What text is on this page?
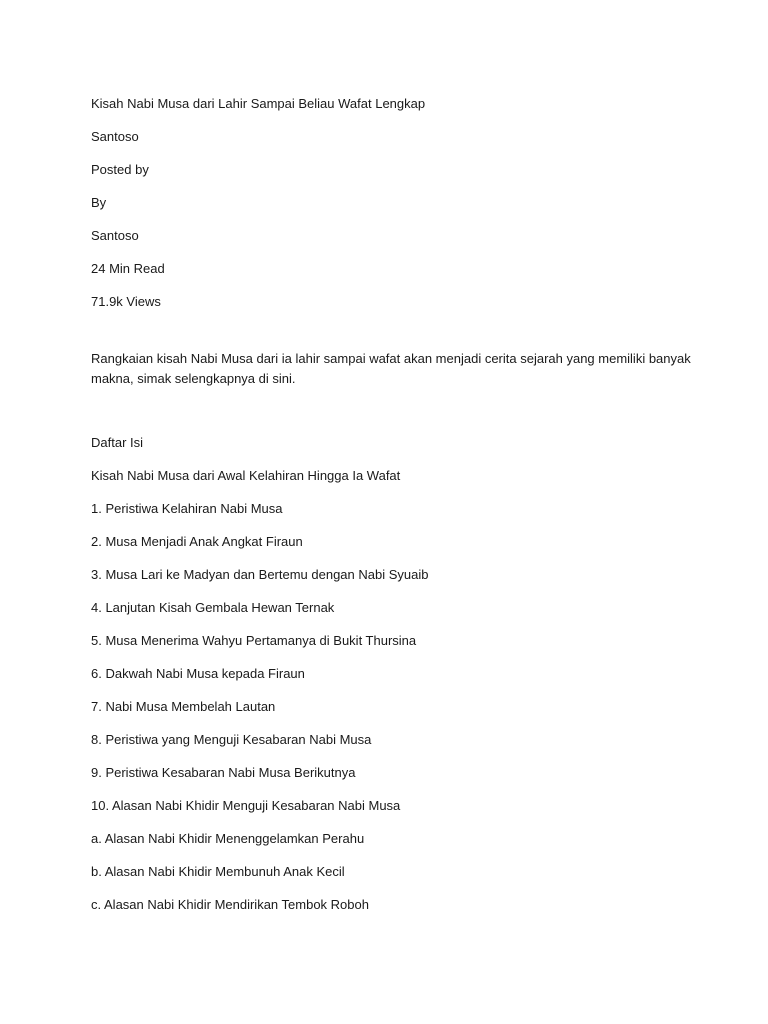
Kisah Nabi Musa dari Lahir Sampai Beliau Wafat Lengkap
Santoso
Posted by
By
Santoso
24 Min Read
71.9k Views

Rangkaian kisah Nabi Musa dari ia lahir sampai wafat akan menjadi cerita sejarah yang memiliki banyak makna, simak selengkapnya di sini.

Daftar Isi
Kisah Nabi Musa dari Awal Kelahiran Hingga Ia Wafat
1. Peristiwa Kelahiran Nabi Musa
2. Musa Menjadi Anak Angkat Firaun
3. Musa Lari ke Madyan dan Bertemu dengan Nabi Syuaib
4. Lanjutan Kisah Gembala Hewan Ternak
5. Musa Menerima Wahyu Pertamanya di Bukit Thursina
6. Dakwah Nabi Musa kepada Firaun
7. Nabi Musa Membelah Lautan
8. Peristiwa yang Menguji Kesabaran Nabi Musa
9. Peristiwa Kesabaran Nabi Musa Berikutnya
10. Alasan Nabi Khidir Menguji Kesabaran Nabi Musa
a. Alasan Nabi Khidir Menenggelamkan Perahu
b. Alasan Nabi Khidir Membunuh Anak Kecil
c. Alasan Nabi Khidir Mendirikan Tembok Roboh
